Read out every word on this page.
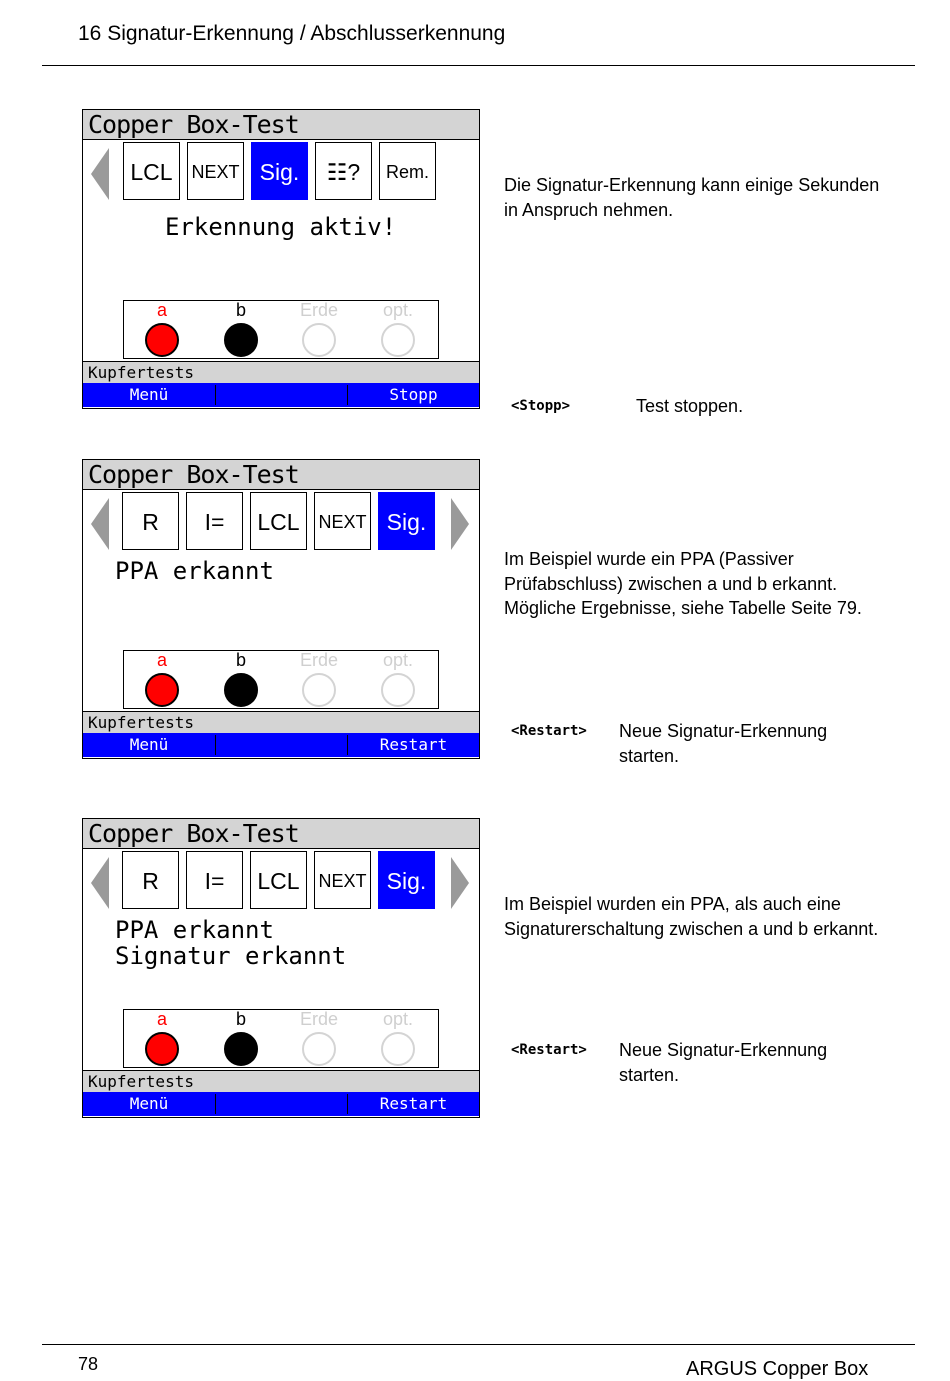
16 Signatur-Erkennung / Abschlusserkennung
Copper Box-Test
LCL	NEXT Sig.	☷?	Rem.
Erkennung aktiv!
a	b	Erde opt.
Kupfertests
Menü	Stopp
Die Signatur-Erkennung kann einige Sekunden in Anspruch nehmen.
<Stopp>	Test stoppen.
Copper Box-Test
R	I=	LCL	NEXT Sig.
PPA erkannt
a	b	Erde opt.
Kupfertests
Menü	Restart
Im Beispiel wurde ein PPA (Passiver Prüfabschluss) zwischen a und b erkannt. Mögliche Ergebnisse, siehe Tabelle Seite 79.
<Restart> Neue Signatur-Erkennung starten.
Copper Box-Test
R	I=	LCL	NEXT Sig.
PPA erkannt
Signatur erkannt
a	b	Erde opt.
Kupfertests
Menü	Restart
Im Beispiel wurden ein PPA, als auch eine Signaturerschaltung zwischen a und b erkannt.
<Restart> Neue Signatur-Erkennung starten.
78	ARGUS Copper Box
